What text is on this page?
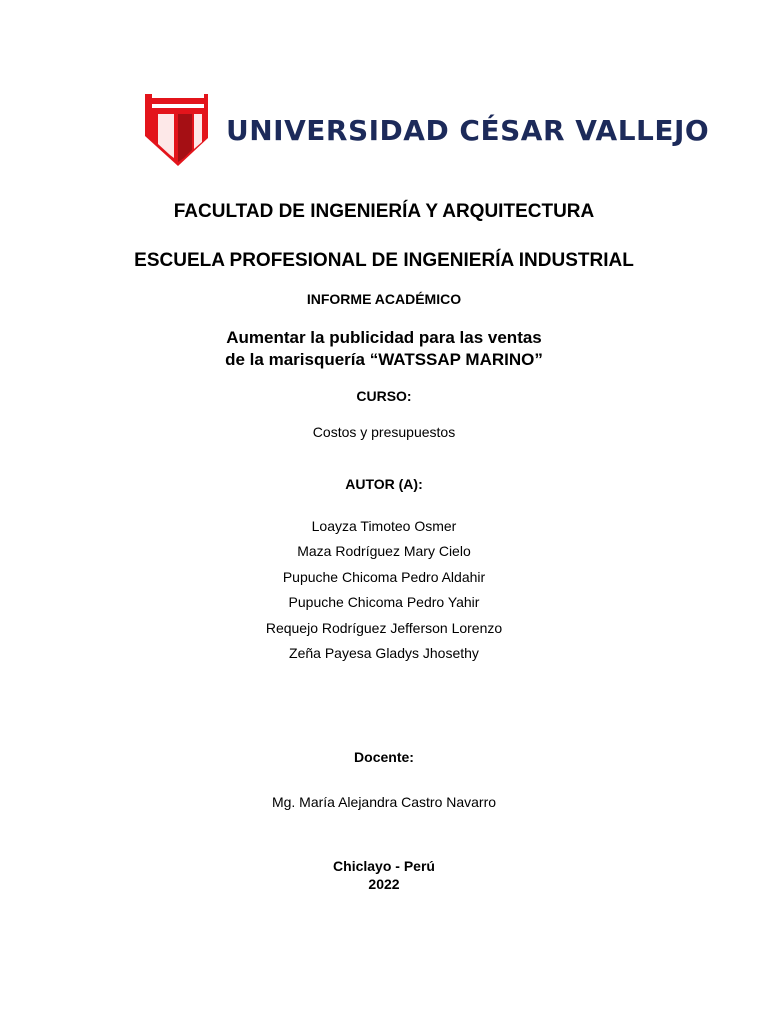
UNIVERSIDAD CÉSAR VALLEJO
FACULTAD DE INGENIERÍA Y ARQUITECTURA
ESCUELA PROFESIONAL DE INGENIERÍA INDUSTRIAL
INFORME ACADÉMICO
Aumentar la publicidad para las ventas
de la marisquería “WATSSAP MARINO”
CURSO:
Costos y presupuestos
AUTOR (A):
Loayza Timoteo Osmer
Maza Rodríguez Mary Cielo
Pupuche Chicoma Pedro Aldahir
Pupuche Chicoma Pedro Yahir
Requejo Rodríguez Jefferson Lorenzo
Zeña Payesa Gladys Jhosethy
Docente:
Mg. María Alejandra Castro Navarro
Chiclayo - Perú
2022
